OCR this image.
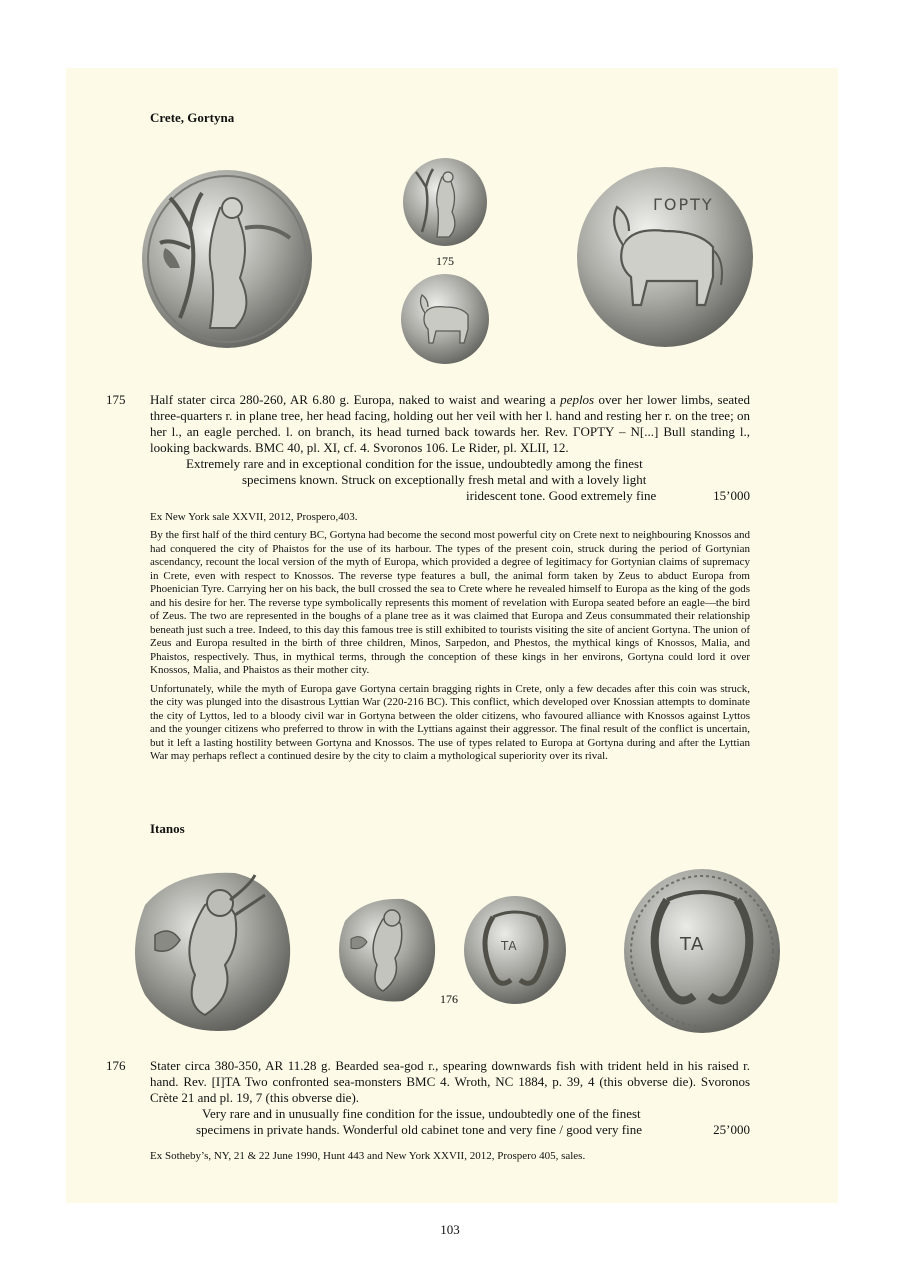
Crete, Gortyna
175
ΓΟΡΤΥ
175 Half stater circa 280-260, AR 6.80 g. Europa, naked to waist and wearing a peplos over her lower limbs, seated three-quarters r. in plane tree, her head facing, holding out her veil with her l. hand and resting her r. on the tree; on her l., an eagle perched. l. on branch, its head turned back towards her. Rev. ΓΟΡΤΥ – Ν[...] Bull standing l., looking backwards. BMC 40, pl. XI, cf. 4. Svoronos 106. Le Rider, pl. XLII, 12.

Extremely rare and in exceptional condition for the issue, undoubtedly among the finest
specimens known. Struck on exceptionally fresh metal and with a lovely light
iridescent tone. Good extremely fine	15’000
Ex New York sale XXVII, 2012, Prospero,403.

By the first half of the third century BC, Gortyna had become the second most powerful city on Crete next to neighbouring Knossos and had conquered the city of Phaistos for the use of its harbour. The types of the present coin, struck during the period of Gortynian ascendancy, recount the local version of the myth of Europa, which provided a degree of legitimacy for Gortynian claims of supremacy in Crete, even with respect to Knossos. The reverse type features a bull, the animal form taken by Zeus to abduct Europa from Phoenician Tyre. Carrying her on his back, the bull crossed the sea to Crete where he revealed himself to Europa as the king of the gods and his desire for her. The reverse type symbolically represents this moment of revelation with Europa seated before an eagle—the bird of Zeus. The two are represented in the boughs of a plane tree as it was claimed that Europa and Zeus consummated their relationship beneath just such a tree. Indeed, to this day this famous tree is still exhibited to tourists visiting the site of ancient Gortyna. The union of Zeus and Europa resulted in the birth of three children, Minos, Sarpedon, and Phestos, the mythical kings of Knossos, Malia, and Phaistos, respectively. Thus, in mythical terms, through the conception of these kings in her environs, Gortyna could lord it over Knossos, Malia, and Phaistos as their mother city.

Unfortunately, while the myth of Europa gave Gortyna certain bragging rights in Crete, only a few decades after this coin was struck, the city was plunged into the disastrous Lyttian War (220-216 BC). This conflict, which developed over Knossian attempts to dominate the city of Lyttos, led to a bloody civil war in Gortyna between the older citizens, who favoured alliance with Knossos against Lyttos and the younger citizens who preferred to throw in with the Lyttians against their aggressor. The final result of the conflict is uncertain, but it left a lasting hostility between Gortyna and Knossos. The use of types related to Europa at Gortyna during and after the Lyttian War may perhaps reflect a continued desire by the city to claim a mythological superiority over its rival.

Itanos
ΤΑ
176
ΤΑ
176 Stater circa 380-350, AR 11.28 g. Bearded sea-god r., spearing downwards fish with trident held in his raised r. hand. Rev. [I]TA Two confronted sea-monsters BMC 4. Wroth, NC 1884, p. 39, 4 (this obverse die). Svoronos Crète 21 and pl. 19, 7 (this obverse die).
Very rare and in unusually fine condition for the issue, undoubtedly one of the finest
specimens in private hands. Wonderful old cabinet tone and very fine / good very fine	25’000
Ex Sotheby’s, NY, 21 & 22 June 1990, Hunt 443 and New York XXVII, 2012, Prospero 405, sales.
103
